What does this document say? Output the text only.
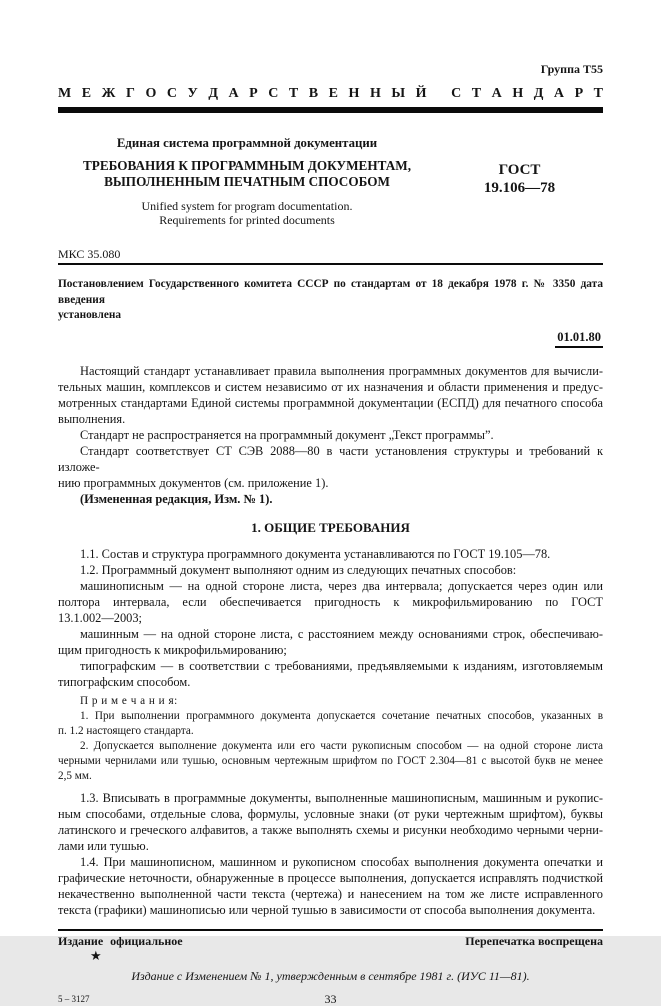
Группа Т55
М Е Ж Г О С У Д А Р С Т В Е Н Н Ы Й
С Т А Н Д А Р Т
Единая система программной документации
ТРЕБОВАНИЯ К ПРОГРАММНЫМ ДОКУМЕНТАМ,
ВЫПОЛНЕННЫМ ПЕЧАТНЫМ СПОСОБОМ
Unified system for program documentation.
Requirements for printed documents
ГОСТ
19.106—78
МКС 35.080
Постановлением Государственного комитета СССР по стандартам от 18 декабря 1978 г. № 3350 дата введения
установлена
01.01.80
Настоящий стандарт устанавливает правила выполнения программных документов для вычисли-
тельных машин, комплексов и систем независимо от их назначения и области применения и предус-
мотренных стандартами Единой системы программной документации (ЕСПД) для печатного способа
выполнения.
Стандарт не распространяется на программный документ „Текст программы”.
Стандарт соответствует СТ СЭВ 2088—80 в части установления структуры и требований к изложе-
нию программных документов (см. приложение 1).
(Измененная редакция, Изм. № 1).
1. ОБЩИЕ ТРЕБОВАНИЯ
1.1. Состав и структура программного документа устанавливаются по ГОСТ 19.105—78.
1.2. Программный документ выполняют одним из следующих печатных способов:
машинописным — на одной стороне листа, через два интервала; допускается через один или
полтора интервала, если обеспечивается пригодность к микрофильмированию по ГОСТ
13.1.002—2003;
машинным — на одной стороне листа, с расстоянием между основаниями строк, обеспечиваю-
щим пригодность к микрофильмированию;
типографским — в соответствии с требованиями, предъявляемыми к изданиям, изготовляемым
типографским способом.
П р и м е ч а н и я:
1. При выполнении программного документа допускается сочетание печатных способов, указанных в
п. 1.2 настоящего стандарта.
2. Допускается выполнение документа или его части рукописным способом — на одной стороне листа
черными чернилами или тушью, основным чертежным шрифтом по ГОСТ 2.304—81 с высотой букв не менее
2,5 мм.
1.3. Вписывать в программные документы, выполненные машинописным, машинным и рукопис-
ным способами, отдельные слова, формулы, условные знаки (от руки чертежным шрифтом), буквы
латинского и греческого алфавитов, а также выполнять схемы и рисунки необходимо черными черни-
лами или тушью.
1.4. При машинописном, машинном и рукописном способах выполнения документа опечатки и
графические неточности, обнаруженные в процессе выполнения, допускается исправлять подчисткой
некачественно выполненной части текста (чертежа) и нанесением на том же листе исправленного
текста (графики) машинописью или черной тушью в зависимости от способа выполнения документа.
Издание официальное	Перепечатка воспрещена
★
Издание с Изменением № 1, утвержденным в сентябре 1981 г. (ИУС 11—81).
5 – 3127	33
